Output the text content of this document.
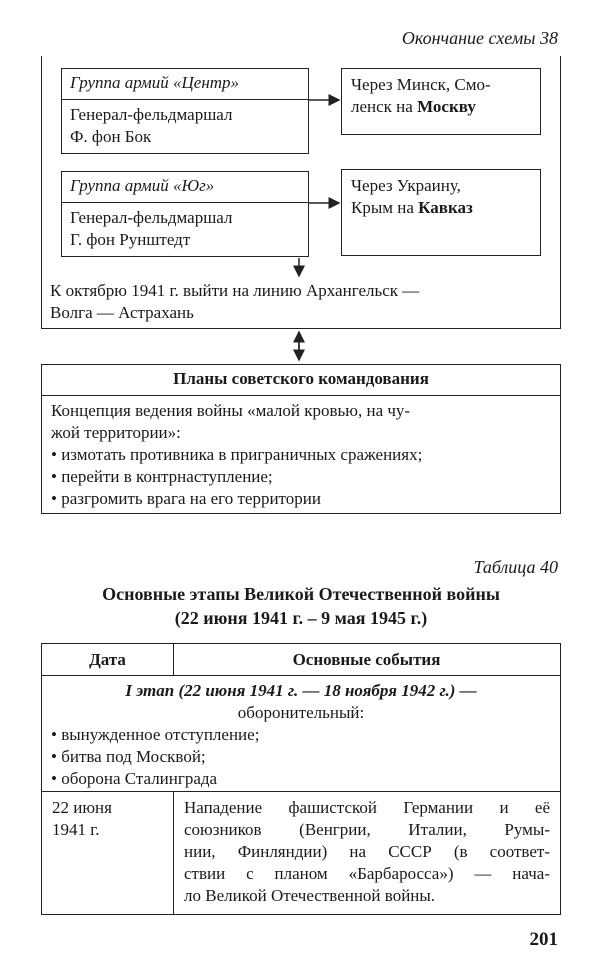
Окончание схемы 38
Группа армий «Центр»
Генерал-фельдмаршал
Ф. фон Бок
Через Минск, Смо-
ленск на Москву
Группа армий «Юг»
Генерал-фельдмаршал
Г. фон Рунштедт
Через Украину,
Крым на Кавказ
К октябрю 1941 г. выйти на линию Архангельск —
Волга — Астрахань
Планы советского командования
Концепция ведения войны «малой кровью, на чу-
жой территории»:
• измотать противника в приграничных сражениях;
• перейти в контрнаступление;
• разгромить врага на его территории
Таблица 40
Основные этапы Великой Отечественной войны
(22 июня 1941 г. – 9 мая 1945 г.)
Дата	Основные события
I этап (22 июня 1941 г. — 18 ноября 1942 г.) —
оборонительный:
• вынужденное отступление;
• битва под Москвой;
• оборона Сталинграда
22 июня
1941 г.
Нападение фашистской Германии и её
союзников (Венгрии, Италии, Румы-
нии, Финляндии) на СССР (в соответ-
ствии с планом «Барбаросса») — нача-
ло Великой Отечественной войны.
201
